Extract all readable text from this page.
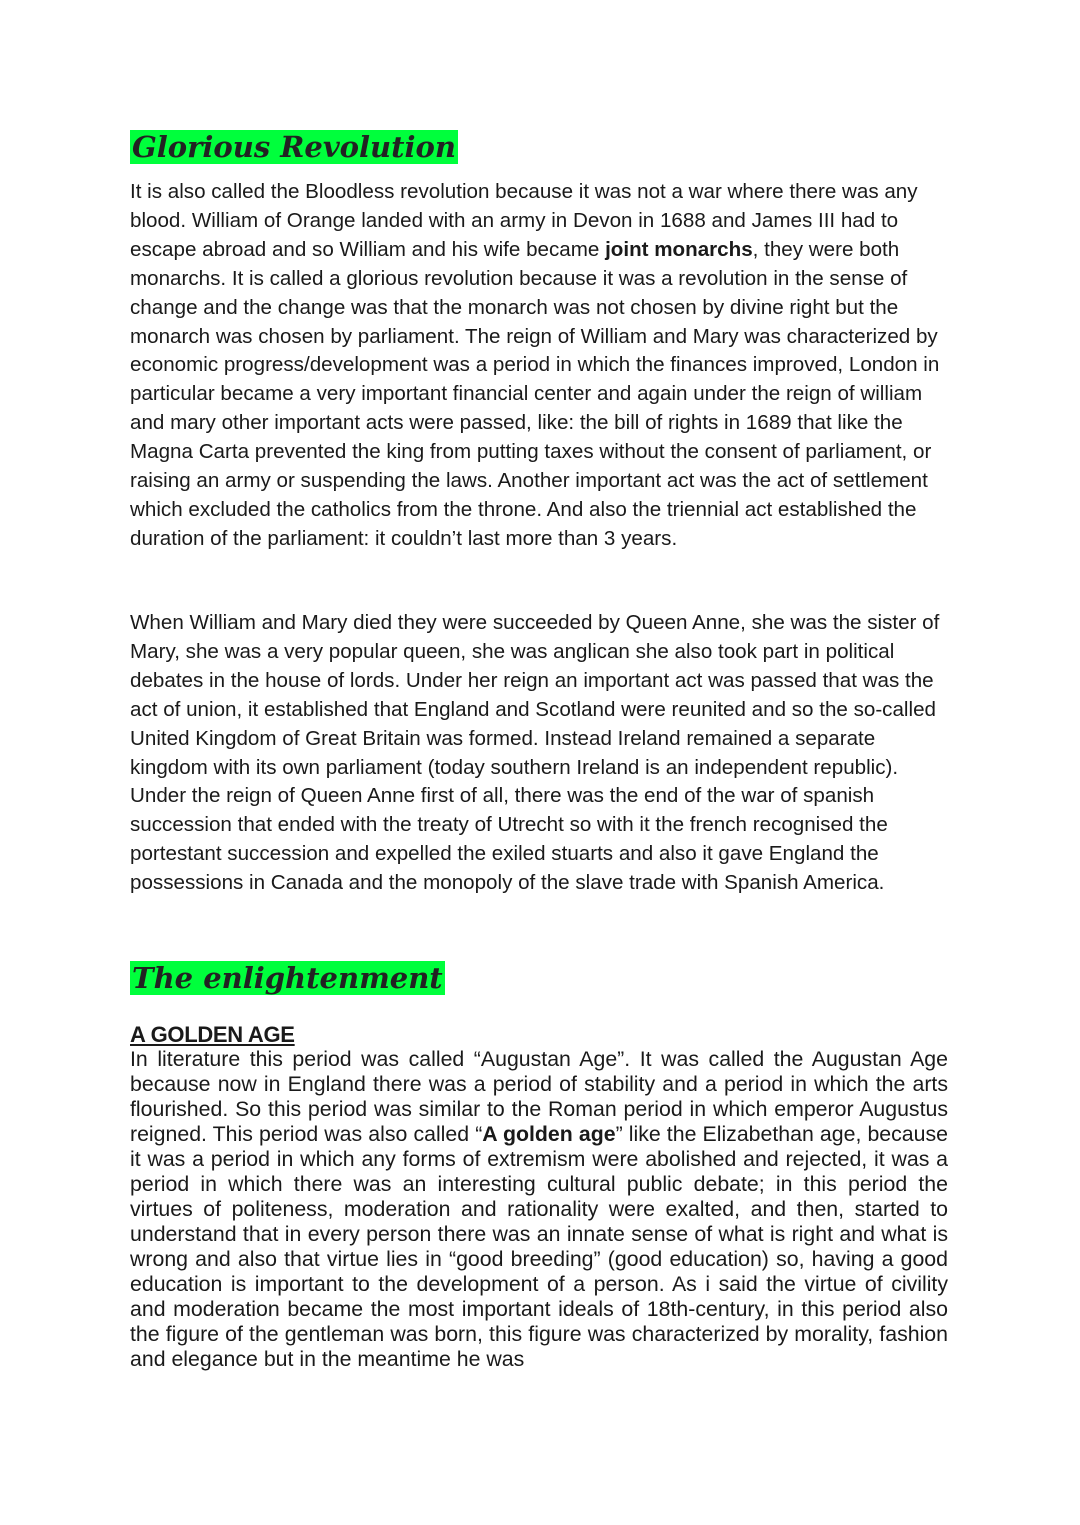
Glorious Revolution

It is also called the Bloodless revolution because it was not a war where there was any blood. William of Orange landed with an army in Devon in 1688 and James III had to escape abroad and so William and his wife became joint monarchs, they were both monarchs. It is called a glorious revolution because it was a revolution in the sense of change and the change was that the monarch was not chosen by divine right but the monarch was chosen by parliament. The reign of William and Mary was characterized by economic progress/development was a period in which the finances improved, London in particular became a very important financial center and again under the reign of william and mary other important acts were passed, like: the bill of rights in 1689 that like the Magna Carta prevented the king from putting taxes without the consent of parliament, or raising an army or suspending the laws. Another important act was the act of settlement which excluded the catholics from the throne. And also the triennial act established the duration of the parliament: it couldn’t last more than 3 years.

When William and Mary died they were succeeded by Queen Anne, she was the sister of Mary, she was a very popular queen, she was anglican she also took part in political debates in the house of lords. Under her reign an important act was passed that was the act of union, it established that England and Scotland were reunited and so the so-called United Kingdom of Great Britain was formed. Instead Ireland remained a separate kingdom with its own parliament (today southern Ireland is an independent republic). Under the reign of Queen Anne first of all, there was the end of the war of spanish succession that ended with the treaty of Utrecht so with it the french recognised the portestant succession and expelled the exiled stuarts and also it gave England the possessions in Canada and the monopoly of the slave trade with Spanish America.

The enlightenment
A GOLDEN AGE

In literature this period was called “Augustan Age”. It was called the Augustan Age because now in England there was a period of stability and a period in which the arts flourished. So this period was similar to the Roman period in which emperor Augustus reigned. This period was also called “A golden age” like the Elizabethan age, because it was a period in which any forms of extremism were abolished and rejected, it was a period in which there was an interesting cultural public debate; in this period the virtues of politeness, moderation and rationality were exalted, and then, started to understand that in every person there was an innate sense of what is right and what is wrong and also that virtue lies in “good breeding” (good education) so, having a good education is important to the development of a person. As i said the virtue of civility and moderation became the most important ideals of 18th-century, in this period also the figure of the gentleman was born, this figure was characterized by morality, fashion and elegance but in the meantime he was
